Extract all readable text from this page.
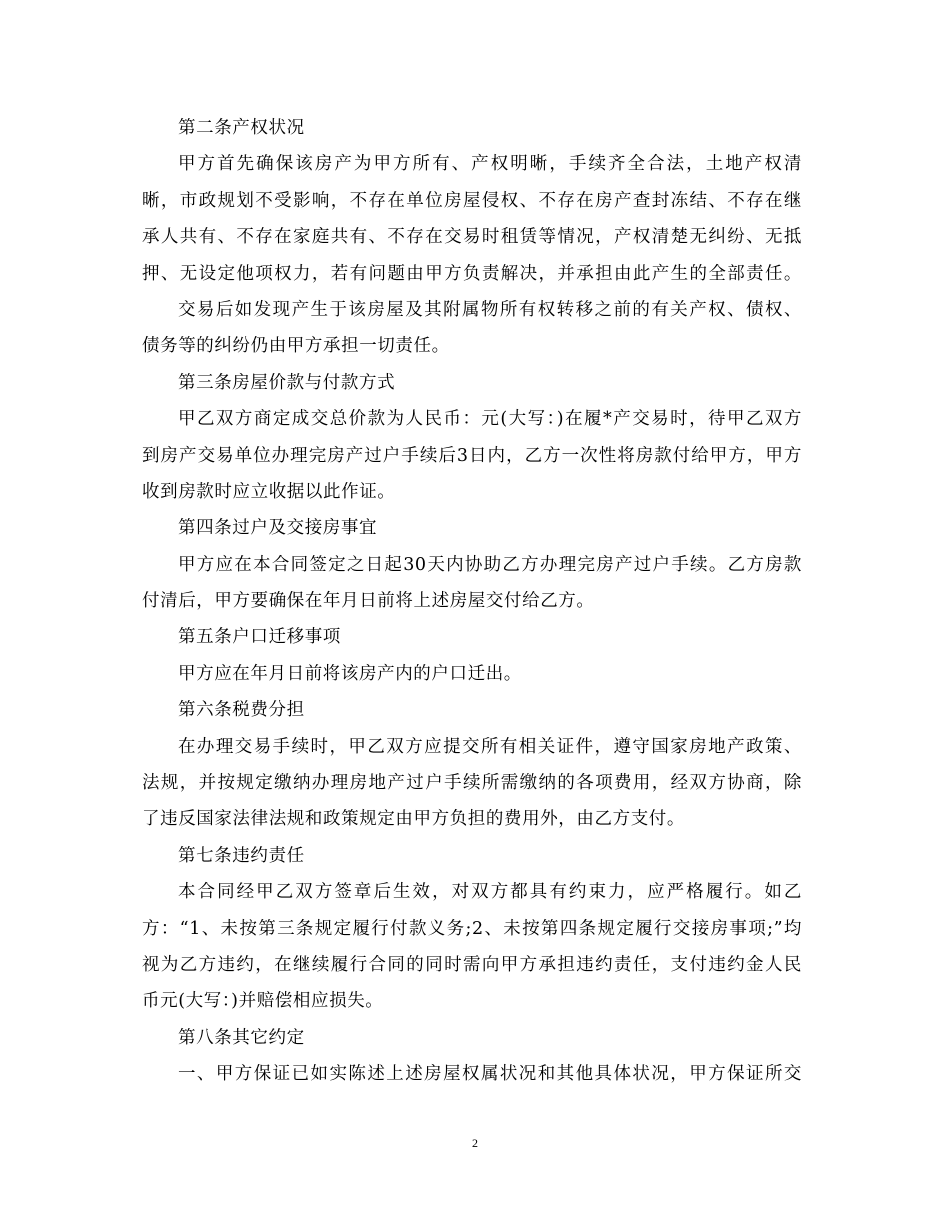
第二条产权状况
甲方首先确保该房产为甲方所有、产权明晰，手续齐全合法，土地产权清
晰，市政规划不受影响，不存在单位房屋侵权、不存在房产查封冻结、不存在继
承人共有、不存在家庭共有、不存在交易时租赁等情况，产权清楚无纠纷、无抵
押、无设定他项权力，若有问题由甲方负责解决，并承担由此产生的全部责任。
交易后如发现产生于该房屋及其附属物所有权转移之前的有关产权、债权、
债务等的纠纷仍由甲方承担一切责任。
第三条房屋价款与付款方式
甲乙双方商定成交总价款为人民币：元(大写：)在履*产交易时，待甲乙双方
到房产交易单位办理完房产过户手续后3日内，乙方一次性将房款付给甲方，甲方
收到房款时应立收据以此作证。
第四条过户及交接房事宜
甲方应在本合同签定之日起30天内协助乙方办理完房产过户手续。乙方房款
付清后，甲方要确保在年月日前将上述房屋交付给乙方。
第五条户口迁移事项
甲方应在年月日前将该房产内的户口迁出。
第六条税费分担
在办理交易手续时，甲乙双方应提交所有相关证件，遵守国家房地产政策、
法规，并按规定缴纳办理房地产过户手续所需缴纳的各项费用，经双方协商，除
了违反国家法律法规和政策规定由甲方负担的费用外，由乙方支付。
第七条违约责任
本合同经甲乙双方签章后生效，对双方都具有约束力，应严格履行。如乙
方：“1、未按第三条规定履行付款义务;2、未按第四条规定履行交接房事项;”均
视为乙方违约，在继续履行合同的同时需向甲方承担违约责任，支付违约金人民
币元(大写：)并赔偿相应损失。
第八条其它约定
一、甲方保证已如实陈述上述房屋权属状况和其他具体状况，甲方保证所交
2
